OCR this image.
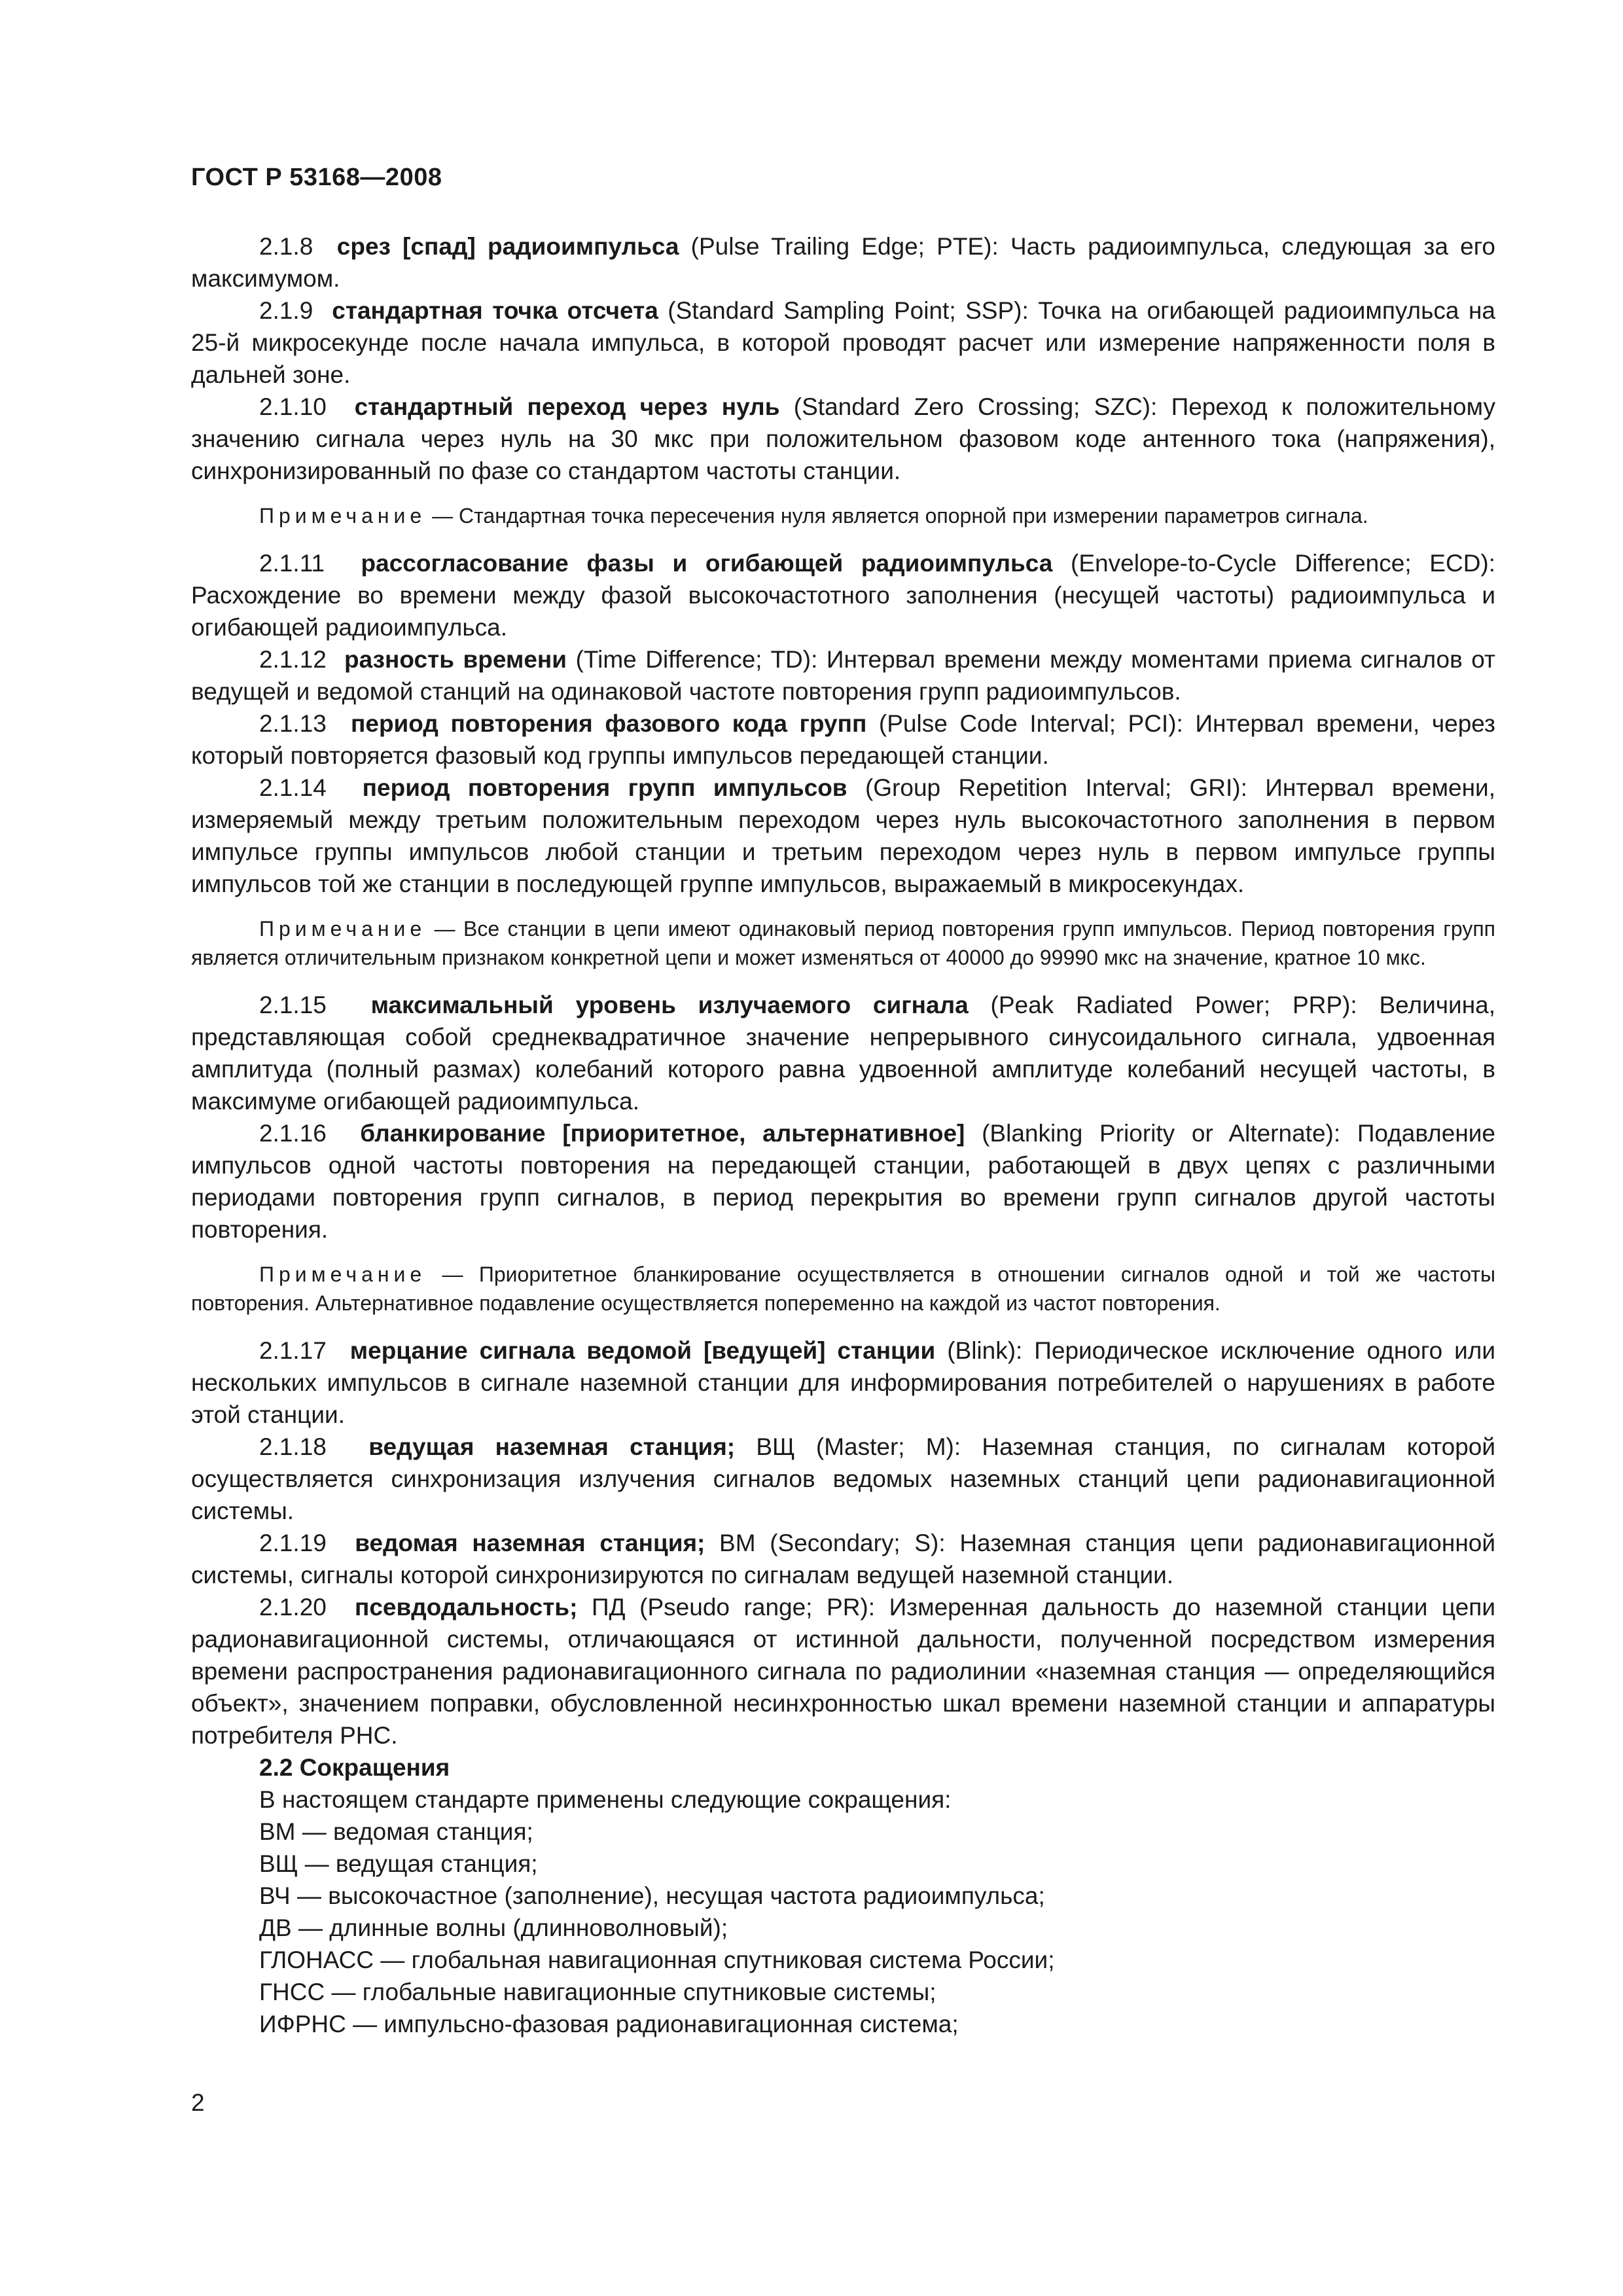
ГОСТ Р 53168—2008

2.1.8 срез [спад] радиоимпульса (Pulse Trailing Edge; PTE): Часть радиоимпульса, следующая за его максимумом.

2.1.9 стандартная точка отсчета (Standard Sampling Point; SSP): Точка на огибающей радиоимпульса на 25-й микросекунде после начала импульса, в которой проводят расчет или измерение напряженности поля в дальней зоне.

2.1.10 стандартный переход через нуль (Standard Zero Crossing; SZC): Переход к положительному значению сигнала через нуль на 30 мкс при положительном фазовом коде антенного тока (напряжения), синхронизированный по фазе со стандартом частоты станции.

Примечание — Стандартная точка пересечения нуля является опорной при измерении параметров сигнала.

2.1.11 рассогласование фазы и огибающей радиоимпульса (Envelope-to-Cycle Difference; ECD): Расхождение во времени между фазой высокочастотного заполнения (несущей частоты) радиоимпульса и огибающей радиоимпульса.

2.1.12 разность времени (Time Difference; TD): Интервал времени между моментами приема сигналов от ведущей и ведомой станций на одинаковой частоте повторения групп радиоимпульсов.

2.1.13 период повторения фазового кода групп (Pulse Code Interval; PCI): Интервал времени, через который повторяется фазовый код группы импульсов передающей станции.

2.1.14 период повторения групп импульсов (Group Repetition Interval; GRI): Интервал времени, измеряемый между третьим положительным переходом через нуль высокочастотного заполнения в первом импульсе группы импульсов любой станции и третьим переходом через нуль в первом импульсе группы импульсов той же станции в последующей группе импульсов, выражаемый в микросекундах.

Примечание — Все станции в цепи имеют одинаковый период повторения групп импульсов. Период повторения групп является отличительным признаком конкретной цепи и может изменяться от 40000 до 99990 мкс на значение, кратное 10 мкс.

2.1.15 максимальный уровень излучаемого сигнала (Peak Radiated Power; PRP): Величина, представляющая собой среднеквадратичное значение непрерывного синусоидального сигнала, удвоенная амплитуда (полный размах) колебаний которого равна удвоенной амплитуде колебаний несущей частоты, в максимуме огибающей радиоимпульса.

2.1.16 бланкирование [приоритетное, альтернативное] (Blanking Priority or Alternate): Подавление импульсов одной частоты повторения на передающей станции, работающей в двух цепях с различными периодами повторения групп сигналов, в период перекрытия во времени групп сигналов другой частоты повторения.

Примечание — Приоритетное бланкирование осуществляется в отношении сигналов одной и той же частоты повторения. Альтернативное подавление осуществляется попеременно на каждой из частот повторения.

2.1.17 мерцание сигнала ведомой [ведущей] станции (Blink): Периодическое исключение одного или нескольких импульсов в сигнале наземной станции для информирования потребителей о нарушениях в работе этой станции.

2.1.18 ведущая наземная станция; ВЩ (Master; M): Наземная станция, по сигналам которой осуществляется синхронизация излучения сигналов ведомых наземных станций цепи радионавигационной системы.

2.1.19 ведомая наземная станция; ВМ (Secondary; S): Наземная станция цепи радионавигационной системы, сигналы которой синхронизируются по сигналам ведущей наземной станции.

2.1.20 псевдодальность; ПД (Pseudo range; PR): Измеренная дальность до наземной станции цепи радионавигационной системы, отличающаяся от истинной дальности, полученной посредством измерения времени распространения радионавигационного сигнала по радиолинии «наземная станция — определяющийся объект», значением поправки, обусловленной несинхронностью шкал времени наземной станции и аппаратуры потребителя РНС.

2.2 Сокращения

В настоящем стандарте применены следующие сокращения:

ВМ — ведомая станция;

ВЩ — ведущая станция;

ВЧ — высокочастное (заполнение), несущая частота радиоимпульса;

ДВ — длинные волны (длинноволновый);

ГЛОНАСС — глобальная навигационная спутниковая система России;

ГНСС — глобальные навигационные спутниковые системы;

ИФРНС — импульсно-фазовая радионавигационная система;

2
